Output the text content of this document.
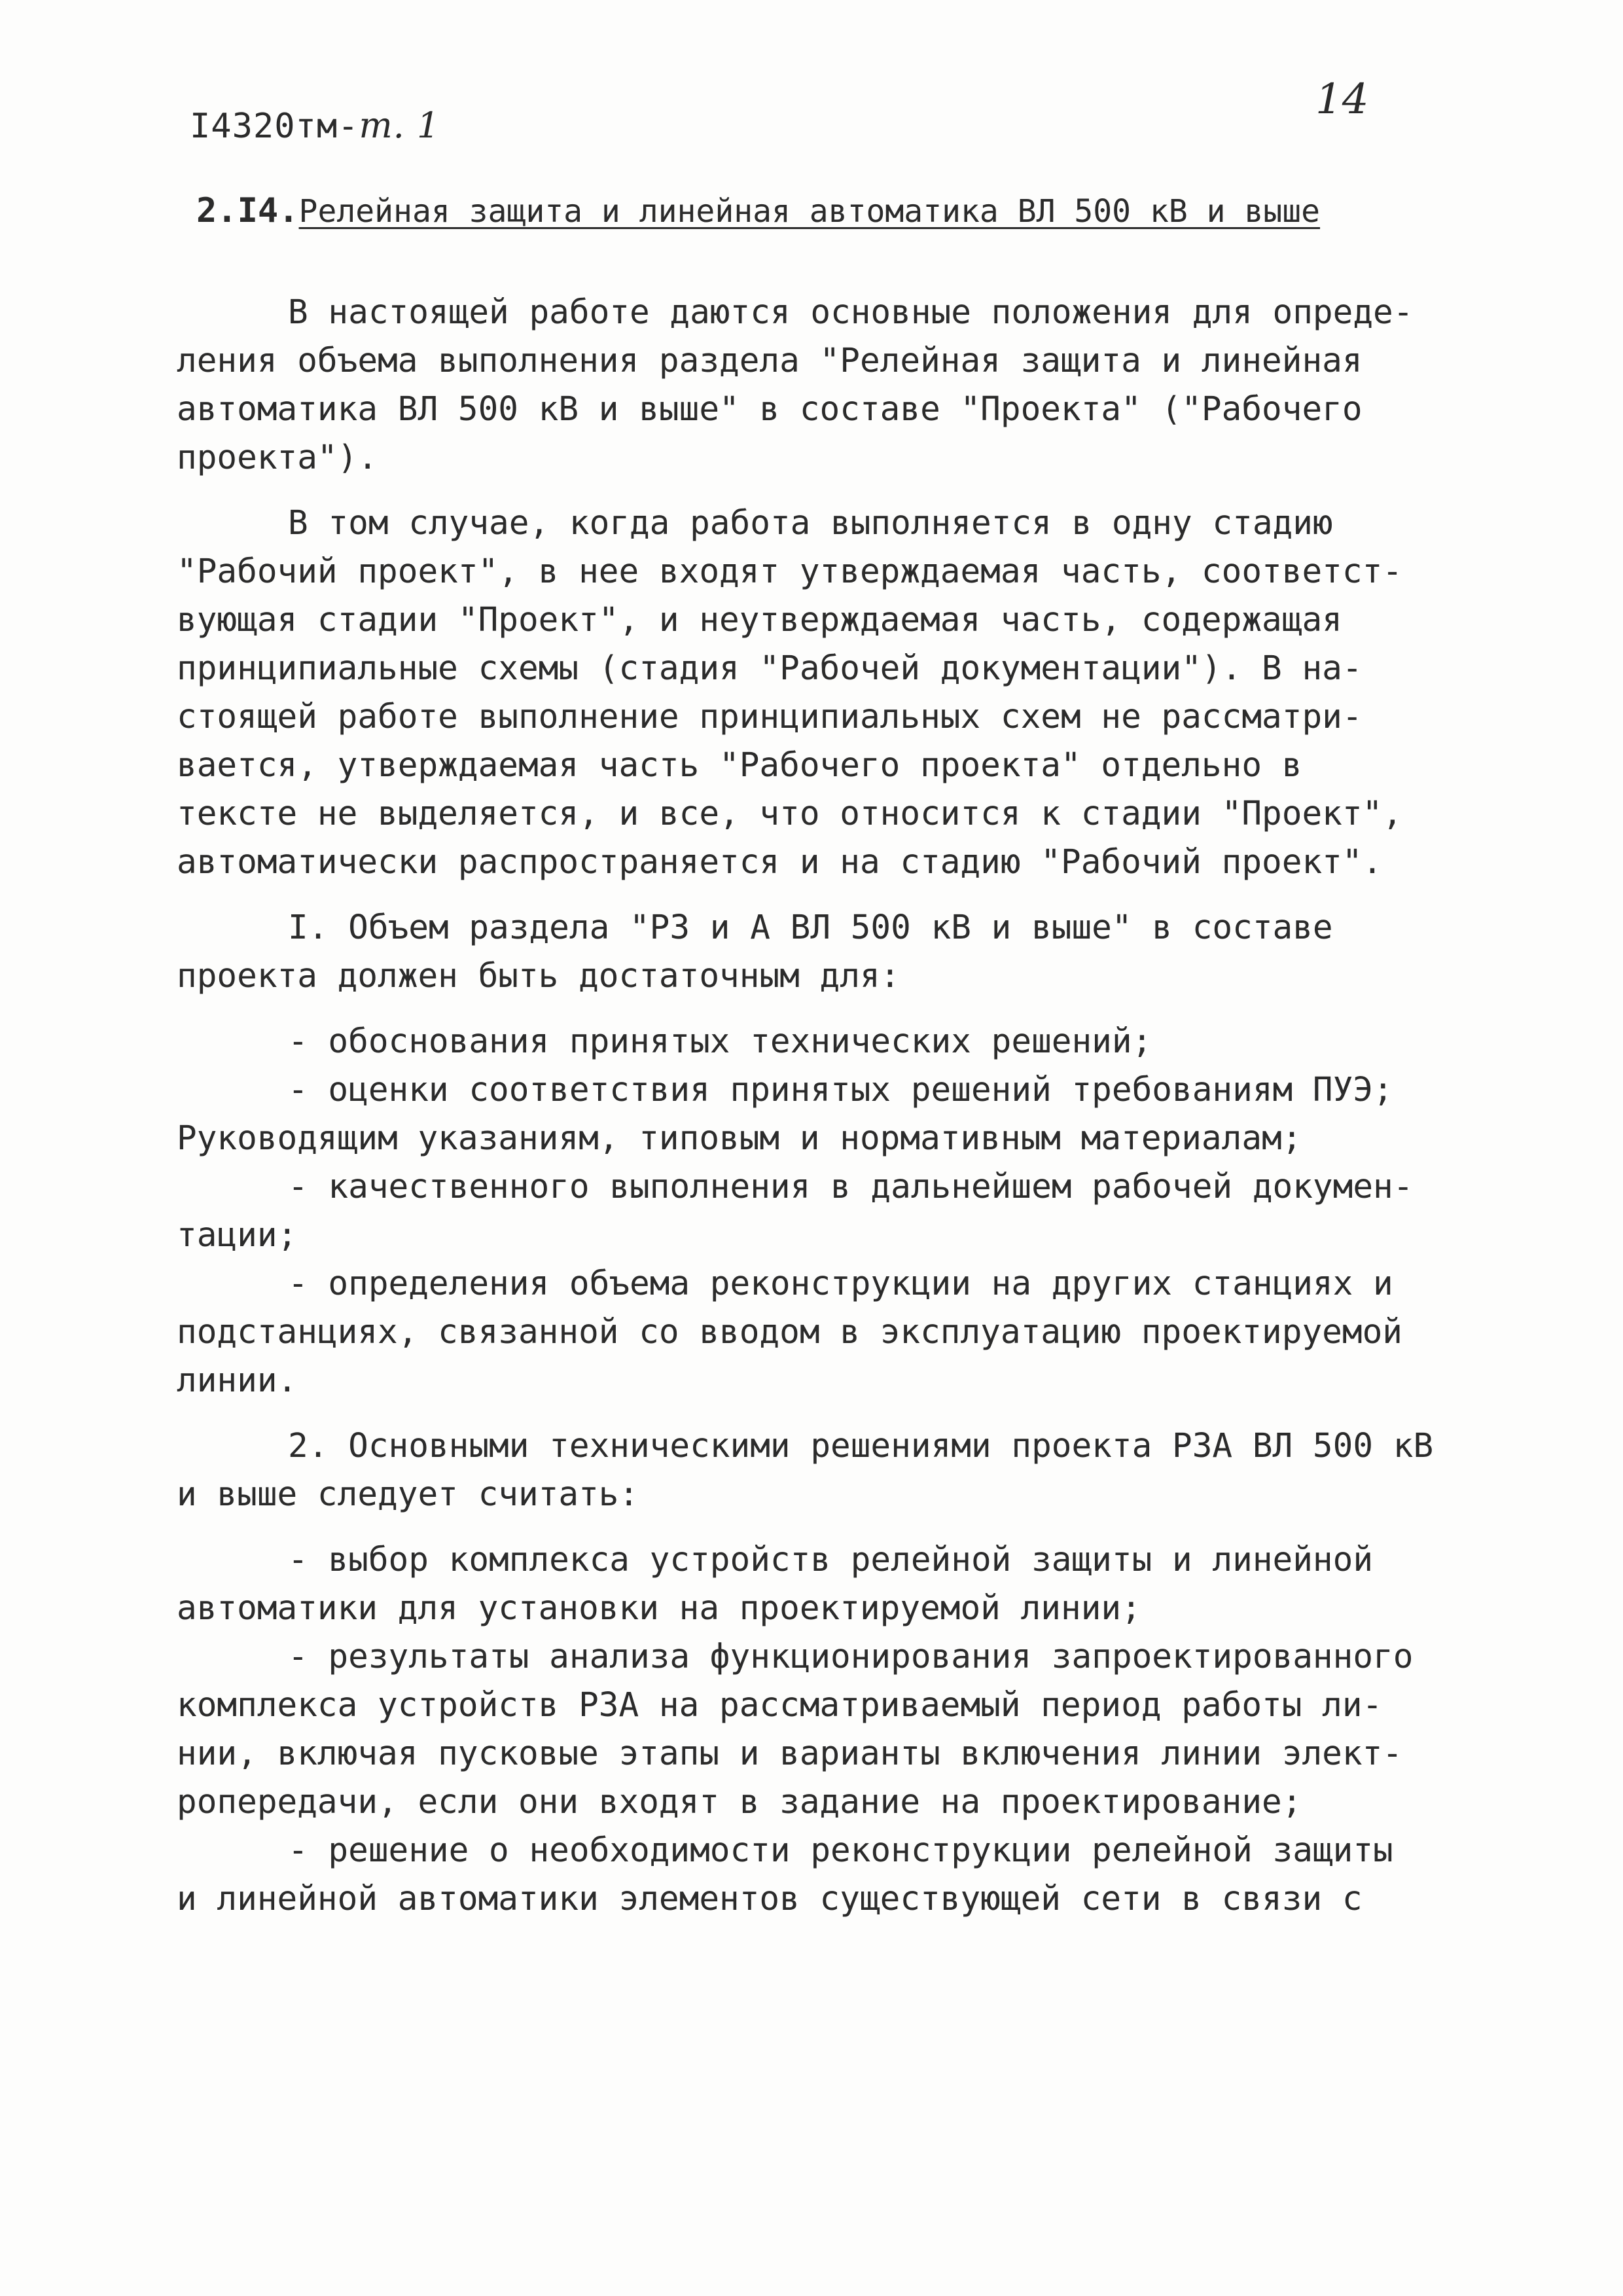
I4320тм-т. 1
14
2.I4.Релейная защита и линейная автоматика ВЛ 500 кВ и выше
В настоящей работе даются основные положения для опреде-
ления объема выполнения раздела "Релейная защита и линейная
автоматика ВЛ 500 кВ и выше" в составе "Проекта" ("Рабочего
проекта").
В том случае, когда работа выполняется в одну стадию
"Рабочий проект", в нее входят утверждаемая часть, соответст-
вующая стадии "Проект", и неутверждаемая часть, содержащая
принципиальные схемы (стадия "Рабочей документации"). В на-
стоящей работе выполнение принципиальных схем не рассматри-
вается, утверждаемая часть "Рабочего проекта" отдельно в
тексте не выделяется, и все, что относится к стадии "Проект",
автоматически распространяется и на стадию "Рабочий проект".
I. Объем раздела "РЗ и А ВЛ 500 кВ и выше" в составе
проекта должен быть достаточным для:
- обоснования принятых технических решений;
- оценки соответствия принятых решений требованиям ПУЭ;
Руководящим указаниям, типовым и нормативным материалам;
- качественного выполнения в дальнейшем рабочей докумен-
тации;
- определения объема реконструкции на других станциях и
подстанциях, связанной со вводом в эксплуатацию проектируемой
линии.
2. Основными техническими решениями проекта РЗА ВЛ 500 кВ
и выше следует считать:
- выбор комплекса устройств релейной защиты и линейной
автоматики для установки на проектируемой линии;
- результаты анализа функционирования запроектированного
комплекса устройств РЗА на рассматриваемый период работы ли-
нии, включая пусковые этапы и варианты включения линии элект-
ропередачи, если они входят в задание на проектирование;
- решение о необходимости реконструкции релейной защиты
и линейной автоматики элементов существующей сети в связи с
